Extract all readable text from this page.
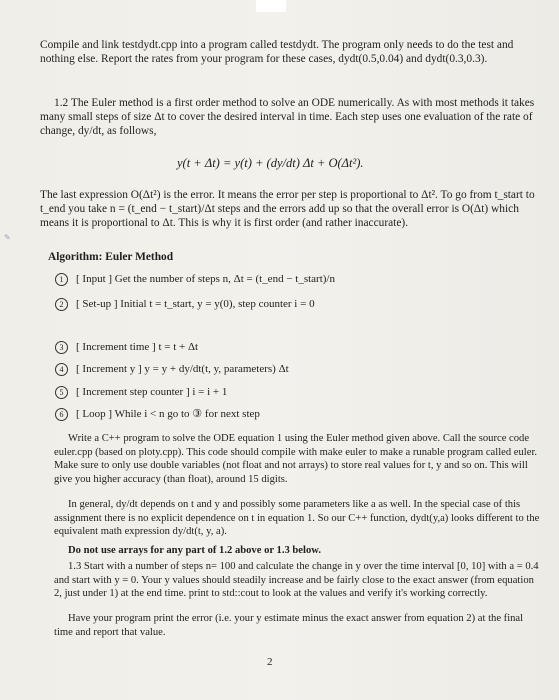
Compile and link testdydt.cpp into a program called testdydt. The program only needs to do the test and nothing else. Report the rates from your program for these cases, dydt(0.5,0.04) and dydt(0.3,0.3).

1.2 The Euler method is a first order method to solve an ODE numerically. As with most methods it takes many small steps of size Δt to cover the desired interval in time. Each step uses one evaluation of the rate of change, dy/dt, as follows,

y(t + Δt) = y(t) + (dy/dt) Δt + O(Δt²).

The last expression O(Δt²) is the error. It means the error per step is proportional to Δt². To go from t_start to t_end you take n = (t_end − t_start)/Δt steps and the errors add up so that the overall error is O(Δt) which means it is proportional to Δt. This is why it is first order (and rather inaccurate).

✎
Algorithm: Euler Method
1 [ Input ] Get the number of steps n, Δt = (t_end − t_start)/n
2 [ Set-up ] Initial t = t_start, y = y(0), step counter i = 0
3 [ Increment time ] t = t + Δt
4 [ Increment y ] y = y + dy/dt(t, y, parameters) Δt
5 [ Increment step counter ] i = i + 1
6 [ Loop ] While i < n go to ③ for next step

Write a C++ program to solve the ODE equation 1 using the Euler method given above. Call the source code euler.cpp (based on ploty.cpp). This code should compile with make euler to make a runable program called euler. Make sure to only use double variables (not float and not arrays) to store real values for t, y and so on. This will give you higher accuracy (than float), around 15 digits.

In general, dy/dt depends on t and y and possibly some parameters like a as well. In the special case of this assignment there is no explicit dependence on t in equation 1. So our C++ function, dydt(y,a) looks different to the equivalent math expression dy/dt(t, y, a).

Do not use arrays for any part of 1.2 above or 1.3 below.

1.3 Start with a number of steps n= 100 and calculate the change in y over the time interval [0, 10] with a = 0.4 and start with y = 0. Your y values should steadily increase and be fairly close to the exact answer (from equation 2, just under 1) at the end time. print to std::cout to look at the values and verify it's working correctly.

Have your program print the error (i.e. your y estimate minus the exact answer from equation 2) at the final time and report that value.

2
